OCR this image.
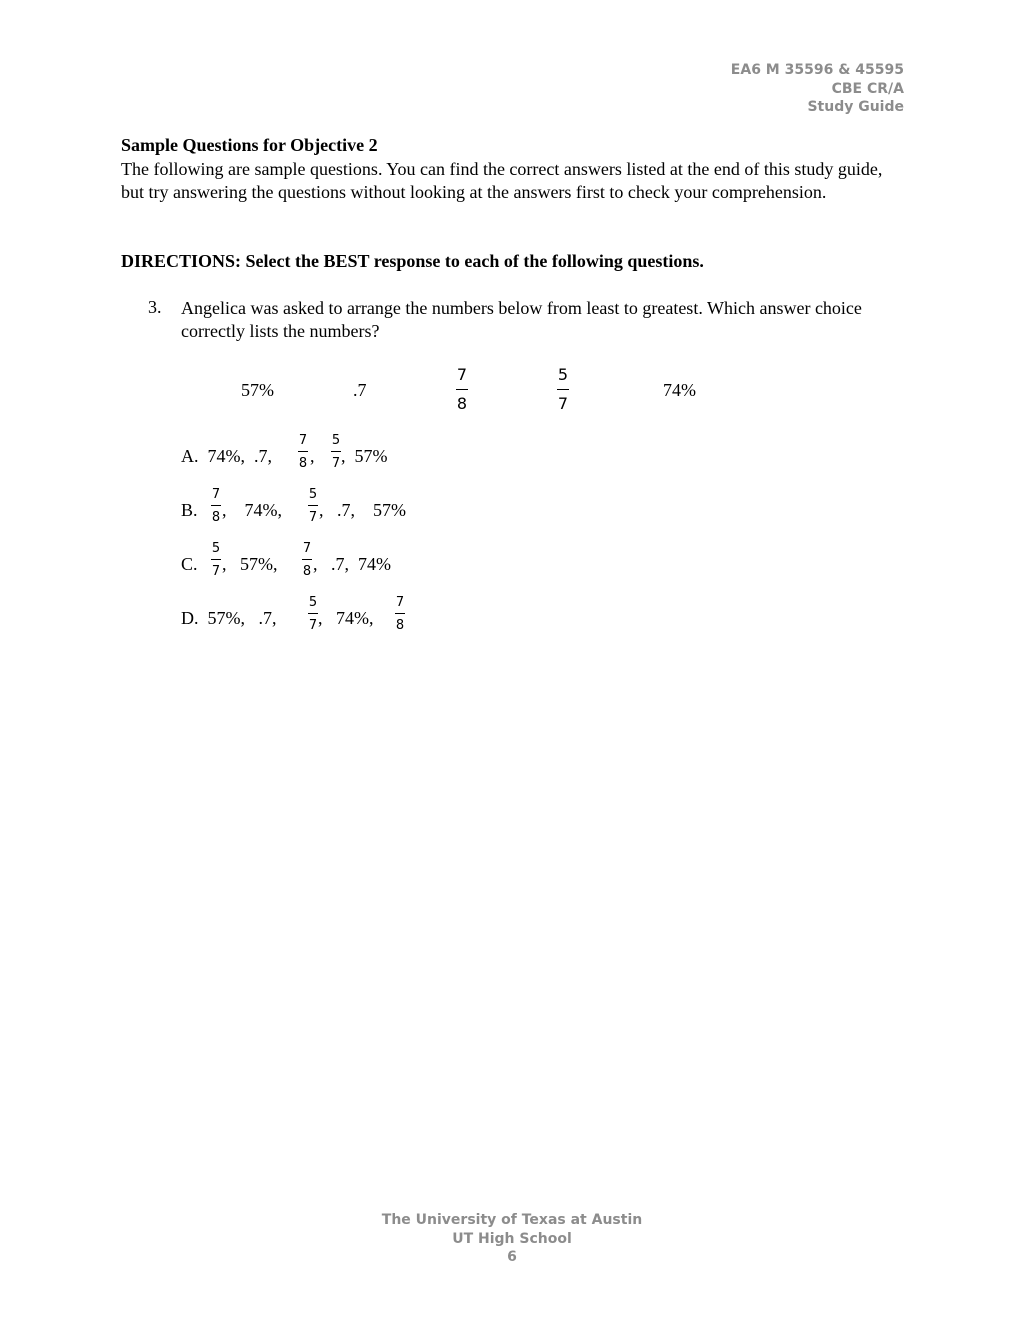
EA6 M 35596 & 45595
CBE CR/A
Study Guide
Sample Questions for Objective 2

The following are sample questions. You can find the correct answers listed at the end of this study guide, but try answering the questions without looking at the answers first to check your comprehension.

DIRECTIONS: Select the BEST response to each of the following questions.

3. Angelica was asked to arrange the numbers below from least to greatest. Which answer choice correctly lists the numbers?
57%	.7
7
8
5
7
74%
A.  74%,  .7,
7
8 ,
5
7 ,  57%
B.
7
8 ,    74%,
5
7 ,   .7,    57%
C.
5
7 ,   57%,
7
8 ,   .7,  74%
D.  57%,   .7,
5
7 ,   74%,
7
8
The University of Texas at Austin
UT High School
6
